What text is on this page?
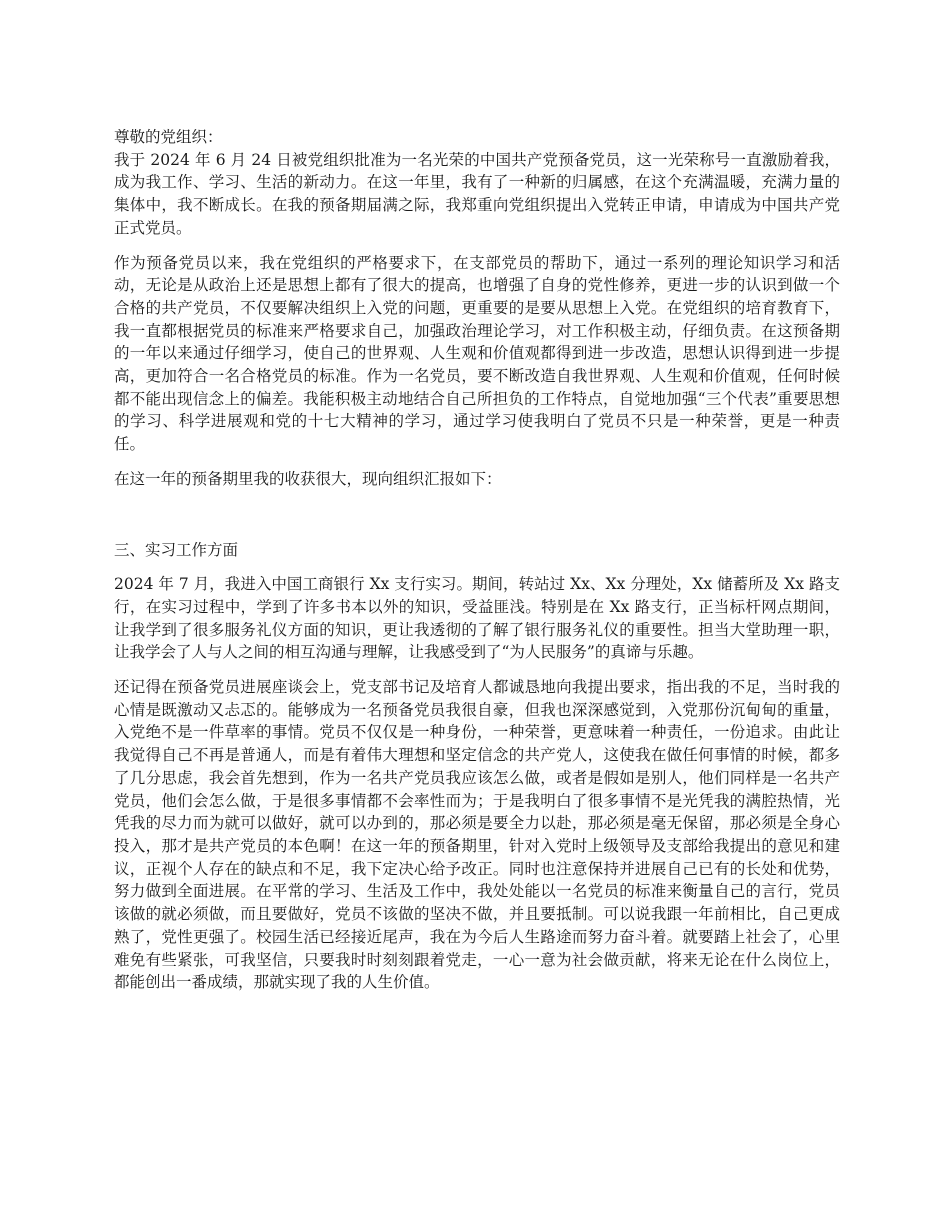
尊敬的党组织：

我于 2024 年 6 月 24 日被党组织批准为一名光荣的中国共产党预备党员，这一光荣称号一直激励着我，成为我工作、学习、生活的新动力。在这一年里，我有了一种新的归属感，在这个充满温暖，充满力量的集体中，我不断成长。在我的预备期届满之际，我郑重向党组织提出入党转正申请，申请成为中国共产党正式党员。

作为预备党员以来，我在党组织的严格要求下，在支部党员的帮助下，通过一系列的理论知识学习和活动，无论是从政治上还是思想上都有了很大的提高，也增强了自身的党性修养，更进一步的认识到做一个合格的共产党员，不仅要解决组织上入党的问题，更重要的是要从思想上入党。在党组织的培育教育下，我一直都根据党员的标准来严格要求自己，加强政治理论学习，对工作积极主动，仔细负责。在这预备期的一年以来通过仔细学习，使自己的世界观、人生观和价值观都得到进一步改造，思想认识得到进一步提高，更加符合一名合格党员的标准。作为一名党员，要不断改造自我世界观、人生观和价值观，任何时候都不能出现信念上的偏差。我能积极主动地结合自己所担负的工作特点，自觉地加强“三个代表”重要思想的学习、科学进展观和党的十七大精神的学习，通过学习使我明白了党员不只是一种荣誉，更是一种责任。

在这一年的预备期里我的收获很大，现向组织汇报如下：

三、实习工作方面

2024 年 7 月，我进入中国工商银行 Xx 支行实习。期间，转站过 Xx、Xx 分理处，Xx 储蓄所及 Xx 路支行，在实习过程中，学到了许多书本以外的知识，受益匪浅。特别是在 Xx 路支行，正当标杆网点期间，让我学到了很多服务礼仪方面的知识，更让我透彻的了解了银行服务礼仪的重要性。担当大堂助理一职，让我学会了人与人之间的相互沟通与理解，让我感受到了“为人民服务”的真谛与乐趣。

还记得在预备党员进展座谈会上，党支部书记及培育人都诚恳地向我提出要求，指出我的不足，当时我的心情是既激动又忐忑的。能够成为一名预备党员我很自豪，但我也深深感觉到，入党那份沉甸甸的重量，入党绝不是一件草率的事情。党员不仅仅是一种身份，一种荣誉，更意味着一种责任，一份追求。由此让我觉得自己不再是普通人，而是有着伟大理想和坚定信念的共产党人，这使我在做任何事情的时候，都多了几分思虑，我会首先想到，作为一名共产党员我应该怎么做，或者是假如是别人，他们同样是一名共产党员，他们会怎么做，于是很多事情都不会率性而为；于是我明白了很多事情不是光凭我的满腔热情，光凭我的尽力而为就可以做好，就可以办到的，那必须是要全力以赴，那必须是毫无保留，那必须是全身心投入，那才是共产党员的本色啊！在这一年的预备期里，针对入党时上级领导及支部给我提出的意见和建议，正视个人存在的缺点和不足，我下定决心给予改正。同时也注意保持并进展自己已有的长处和优势，努力做到全面进展。在平常的学习、生活及工作中，我处处能以一名党员的标准来衡量自己的言行，党员该做的就必须做，而且要做好，党员不该做的坚决不做，并且要抵制。可以说我跟一年前相比，自己更成熟了，党性更强了。校园生活已经接近尾声，我在为今后人生路途而努力奋斗着。就要踏上社会了，心里难免有些紧张，可我坚信，只要我时时刻刻跟着党走，一心一意为社会做贡献，将来无论在什么岗位上，都能创出一番成绩，那就实现了我的人生价值。
